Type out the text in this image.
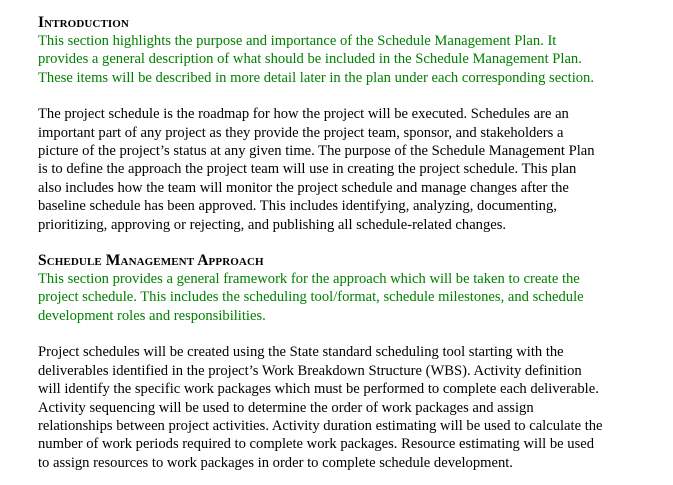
Introduction

This section highlights the purpose and importance of the Schedule Management Plan. It
provides a general description of what should be included in the Schedule Management Plan.
These items will be described in more detail later in the plan under each corresponding section.

The project schedule is the roadmap for how the project will be executed. Schedules are an
important part of any project as they provide the project team, sponsor, and stakeholders a
picture of the project’s status at any given time. The purpose of the Schedule Management Plan
is to define the approach the project team will use in creating the project schedule. This plan
also includes how the team will monitor the project schedule and manage changes after the
baseline schedule has been approved. This includes identifying, analyzing, documenting,
prioritizing, approving or rejecting, and publishing all schedule-related changes.

Schedule Management Approach

This section provides a general framework for the approach which will be taken to create the
project schedule. This includes the scheduling tool/format, schedule milestones, and schedule
development roles and responsibilities.

Project schedules will be created using the State standard scheduling tool starting with the
deliverables identified in the project’s Work Breakdown Structure (WBS). Activity definition
will identify the specific work packages which must be performed to complete each deliverable.
Activity sequencing will be used to determine the order of work packages and assign
relationships between project activities. Activity duration estimating will be used to calculate the
number of work periods required to complete work packages. Resource estimating will be used
to assign resources to work packages in order to complete schedule development.
